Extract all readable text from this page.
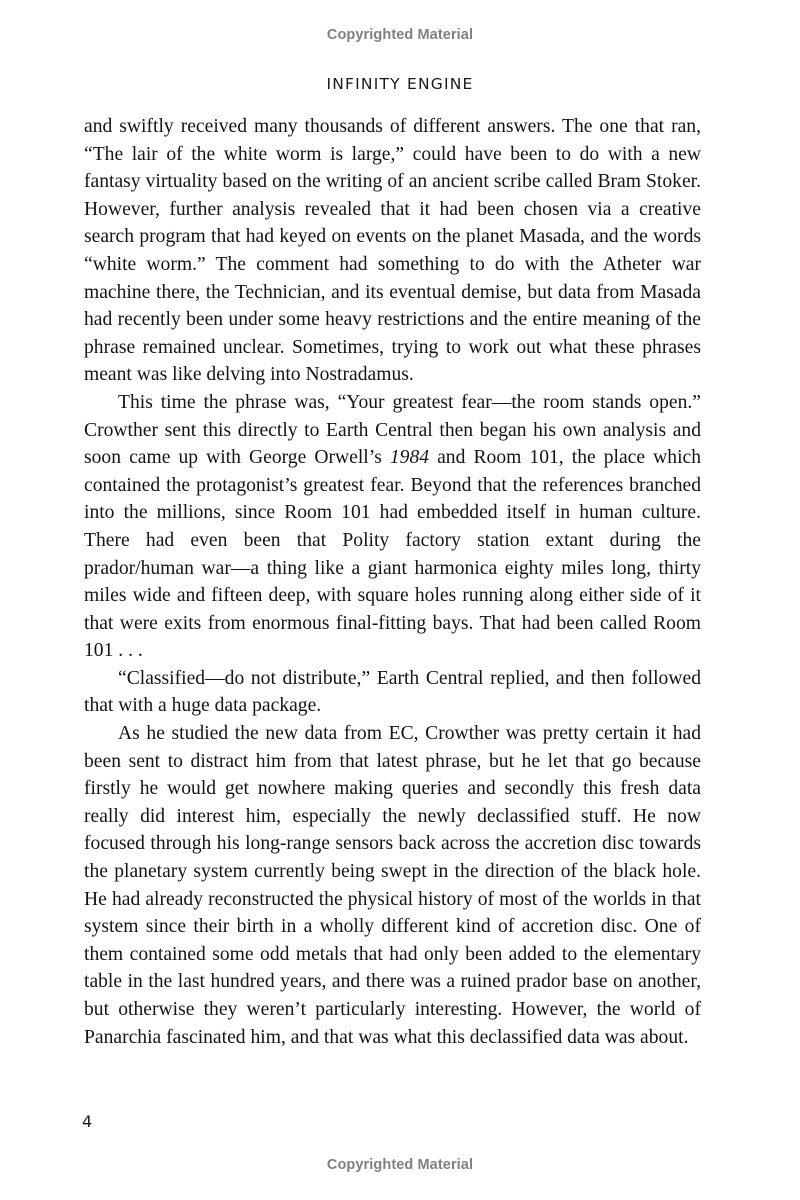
Copyrighted Material
INFINITY ENGINE

and swiftly received many thousands of different answers. The one that ran, “The lair of the white worm is large,” could have been to do with a new fantasy virtuality based on the writing of an ancient scribe called Bram Stoker. However, further analysis revealed that it had been chosen via a creative search program that had keyed on events on the planet Masada, and the words “white worm.” The comment had something to do with the Atheter war machine there, the Technician, and its eventual demise, but data from Masada had recently been under some heavy restrictions and the entire meaning of the phrase remained unclear. Sometimes, trying to work out what these phrases meant was like delving into Nostradamus.

This time the phrase was, “Your greatest fear—the room stands open.” Crowther sent this directly to Earth Central then began his own analysis and soon came up with George Orwell’s 1984 and Room 101, the place which contained the protagonist’s greatest fear. Beyond that the references branched into the millions, since Room 101 had embedded itself in human culture. There had even been that Polity factory station extant during the prador/human war—a thing like a giant harmonica eighty miles long, thirty miles wide and fifteen deep, with square holes running along either side of it that were exits from enormous final-fitting bays. That had been called Room 101 . . .

“Classified—do not distribute,” Earth Central replied, and then followed that with a huge data package.

As he studied the new data from EC, Crowther was pretty certain it had been sent to distract him from that latest phrase, but he let that go because firstly he would get nowhere making queries and secondly this fresh data really did interest him, especially the newly declassified stuff. He now focused through his long-range sensors back across the accretion disc towards the planetary system currently being swept in the direction of the black hole. He had already reconstructed the physical history of most of the worlds in that system since their birth in a wholly different kind of accretion disc. One of them contained some odd metals that had only been added to the elementary table in the last hundred years, and there was a ruined prador base on another, but otherwise they weren’t particularly interesting. However, the world of Panarchia fascinated him, and that was what this declassified data was about.

4
Copyrighted Material
